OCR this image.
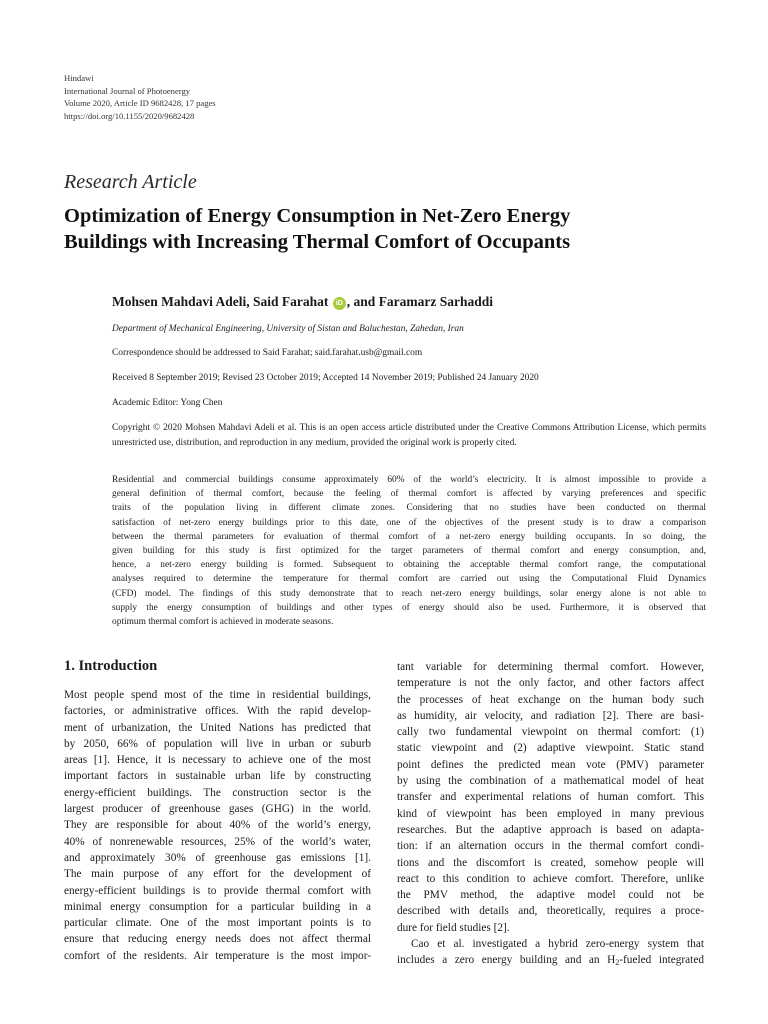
Hindawi
International Journal of Photoenergy
Volume 2020, Article ID 9682428, 17 pages
https://doi.org/10.1155/2020/9682428
Research Article
Optimization of Energy Consumption in Net-Zero Energy
Buildings with Increasing Thermal Comfort of Occupants
Mohsen Mahdavi Adeli, Said Farahat iD , and Faramarz Sarhaddi
Department of Mechanical Engineering, University of Sistan and Baluchestan, Zahedan, Iran
Correspondence should be addressed to Said Farahat; said.farahat.usb@gmail.com
Received 8 September 2019; Revised 23 October 2019; Accepted 14 November 2019; Published 24 January 2020
Academic Editor: Yong Chen
Copyright © 2020 Mohsen Mahdavi Adeli et al. This is an open access article distributed under the Creative Commons Attribution License, which permits unrestricted use, distribution, and reproduction in any medium, provided the original work is properly cited.
Residential and commercial buildings consume approximately 60% of the world’s electricity. It is almost impossible to provide a
general definition of thermal comfort, because the feeling of thermal comfort is affected by varying preferences and specific
traits of the population living in different climate zones. Considering that no studies have been conducted on thermal
satisfaction of net-zero energy buildings prior to this date, one of the objectives of the present study is to draw a comparison
between the thermal parameters for evaluation of thermal comfort of a net-zero energy building occupants. In so doing, the
given building for this study is first optimized for the target parameters of thermal comfort and energy consumption, and,
hence, a net-zero energy building is formed. Subsequent to obtaining the acceptable thermal comfort range, the computational
analyses required to determine the temperature for thermal comfort are carried out using the Computational Fluid Dynamics
(CFD) model. The findings of this study demonstrate that to reach net-zero energy buildings, solar energy alone is not able to
supply the energy consumption of buildings and other types of energy should also be used. Furthermore, it is observed that
optimum thermal comfort is achieved in moderate seasons.
1. Introduction
Most people spend most of the time in residential buildings,
factories, or administrative offices. With the rapid develop-
ment of urbanization, the United Nations has predicted that
by 2050, 66% of population will live in urban or suburb
areas [1]. Hence, it is necessary to achieve one of the most
important factors in sustainable urban life by constructing
energy-efficient buildings. The construction sector is the
largest producer of greenhouse gases (GHG) in the world.
They are responsible for about 40% of the world’s energy,
40% of nonrenewable resources, 25% of the world’s water,
and approximately 30% of greenhouse gas emissions [1].
The main purpose of any effort for the development of
energy-efficient buildings is to provide thermal comfort with
minimal energy consumption for a particular building in a
particular climate. One of the most important points is to
ensure that reducing energy needs does not affect thermal
comfort of the residents. Air temperature is the most impor-
tant variable for determining thermal comfort. However,
temperature is not the only factor, and other factors affect
the processes of heat exchange on the human body such
as humidity, air velocity, and radiation [2]. There are basi-
cally two fundamental viewpoint on thermal comfort: (1)
static viewpoint and (2) adaptive viewpoint. Static stand
point defines the predicted mean vote (PMV) parameter
by using the combination of a mathematical model of heat
transfer and experimental relations of human comfort. This
kind of viewpoint has been employed in many previous
researches. But the adaptive approach is based on adapta-
tion: if an alternation occurs in the thermal comfort condi-
tions and the discomfort is created, somehow people will
react to this condition to achieve comfort. Therefore, unlike
the PMV method, the adaptive model could not be
described with details and, theoretically, requires a proce-
dure for field studies [2].
Cao et al. investigated a hybrid zero-energy system that
includes a zero energy building and an $H_2$-fueled integrated
